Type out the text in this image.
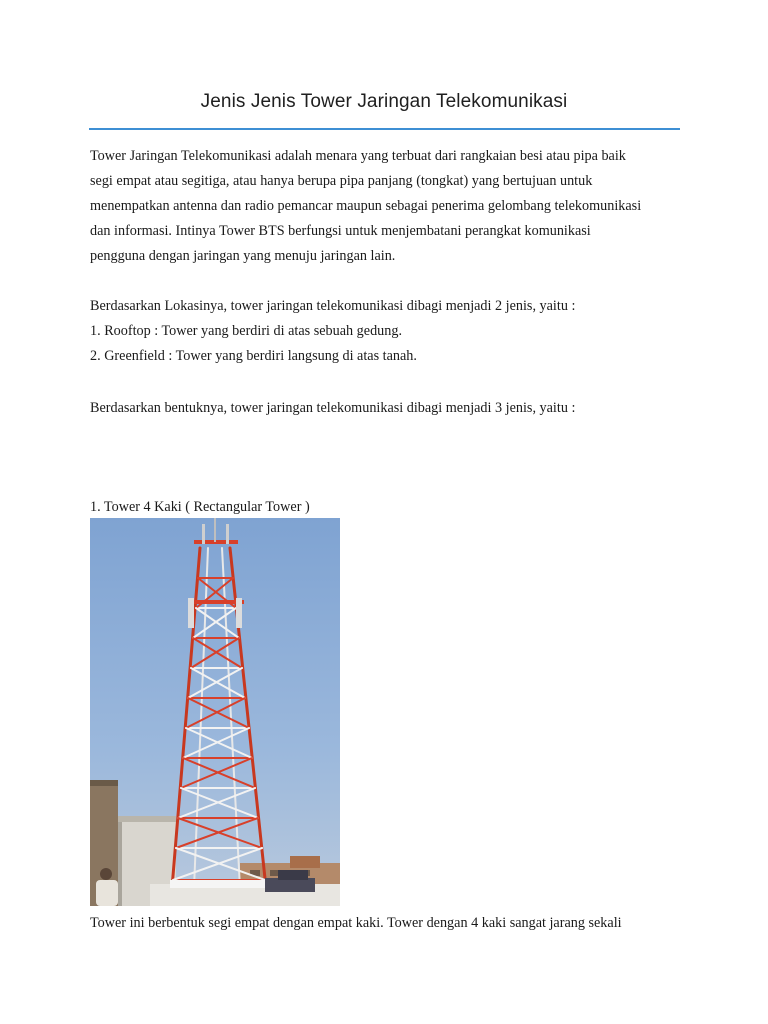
Jenis Jenis Tower Jaringan Telekomunikasi

Tower Jaringan Telekomunikasi adalah menara yang terbuat dari rangkaian besi atau pipa baik

segi empat atau segitiga, atau hanya berupa pipa panjang (tongkat) yang bertujuan untuk

menempatkan antenna dan radio pemancar maupun sebagai penerima gelombang telekomunikasi

dan informasi. Intinya Tower BTS berfungsi untuk menjembatani perangkat komunikasi

pengguna dengan jaringan yang menuju jaringan lain.

Berdasarkan Lokasinya, tower jaringan telekomunikasi dibagi menjadi 2 jenis, yaitu :

1. Rooftop : Tower yang berdiri di atas sebuah gedung.

2. Greenfield : Tower yang berdiri langsung di atas tanah.

Berdasarkan bentuknya, tower jaringan telekomunikasi dibagi menjadi 3 jenis, yaitu :

1. Tower 4 Kaki ( Rectangular Tower )

Tower ini berbentuk segi empat dengan empat kaki. Tower dengan 4 kaki sangat jarang sekali
